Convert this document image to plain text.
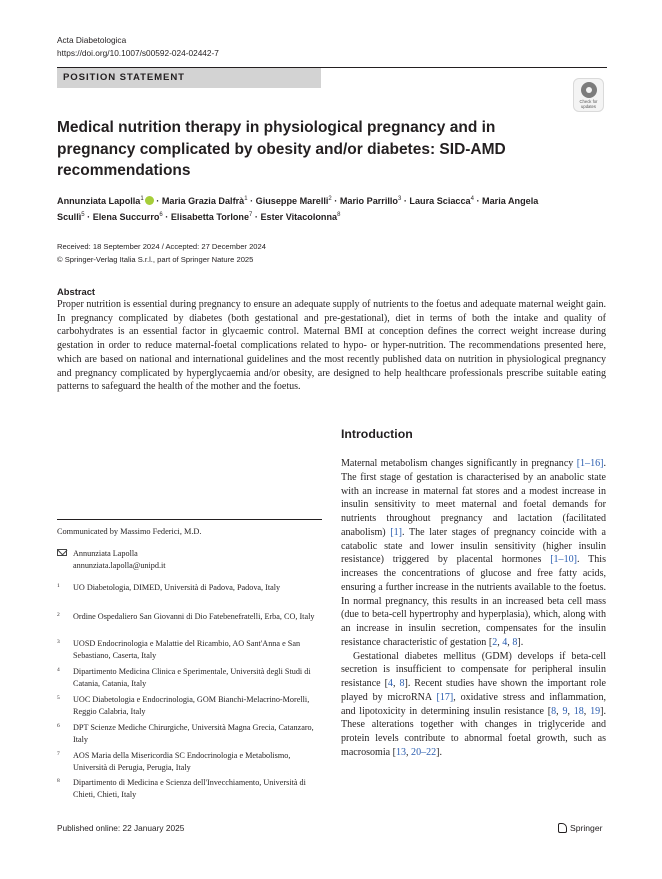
Acta Diabetologica
https://doi.org/10.1007/s00592-024-02442-7
POSITION STATEMENT
Check for updates
Medical nutrition therapy in physiological pregnancy and in pregnancy complicated by obesity and/or diabetes: SID-AMD recommendations
Annunziata Lapolla$^1$ · Maria Grazia Dalfrà$^1$ · Giuseppe Marelli$^2$ · Mario Parrillo$^3$ · Laura Sciacca$^4$ · Maria Angela Scullì$^5$ · Elena Succurro$^6$ · Elisabetta Torlone$^7$ · Ester Vitacolonna$^8$
Received: 18 September 2024 / Accepted: 27 December 2024
© Springer-Verlag Italia S.r.l., part of Springer Nature 2025
Abstract
Proper nutrition is essential during pregnancy to ensure an adequate supply of nutrients to the foetus and adequate maternal weight gain. In pregnancy complicated by diabetes (both gestational and pre-gestational), diet in terms of both the intake and quality of carbohydrates is an essential factor in glycaemic control. Maternal BMI at conception defines the correct weight increase during gestation in order to reduce maternal-foetal complications related to hypo- or hyper-nutrition. The recommendations presented here, which are based on national and international guidelines and the most recently published data on nutrition in physiological pregnancy and pregnancy complicated by hyperglycaemia and/or obesity, are designed to help healthcare professionals prescribe suitable eating patterns to safeguard the health of the mother and the foetus.
Introduction

Maternal metabolism changes significantly in pregnancy [1–16]. The first stage of gestation is characterised by an anabolic state with an increase in maternal fat stores and a modest increase in insulin sensitivity to meet maternal and foetal demands for nutrients throughout pregnancy and lactation (facilitated anabolism) [1]. The later stages of pregnancy coincide with a catabolic state and lower insulin sensitivity (higher insulin resistance) triggered by placental hormones [1–10]. This increases the concentrations of glucose and free fatty acids, ensuring a further increase in the nutrients available to the foetus. In normal pregnancy, this results in an increased beta cell mass (due to beta-cell hypertrophy and hyperplasia), which, along with an increase in insulin secretion, compensates for the insulin resistance characteristic of gestation [2, 4, 8].

Gestational diabetes mellitus (GDM) develops if beta-cell secretion is insufficient to compensate for peripheral insulin resistance [4, 8]. Recent studies have shown the important role played by microRNA [17], oxidative stress and inflammation, and lipotoxicity in determining insulin resistance [8, 9, 18, 19]. These alterations together with changes in triglyceride and protein levels contribute to abnormal foetal growth, such as macrosomia [13, 20–22].

Communicated by Massimo Federici, M.D.
Annunziata Lapolla
annunziata.lapolla@unipd.it
1 UO Diabetologia, DIMED, Università di Padova, Padova, Italy
2 Ordine Ospedaliero San Giovanni di Dio Fatebenefratelli, Erba, CO, Italy
3 UOSD Endocrinologia e Malattie del Ricambio, AO Sant'Anna e San Sebastiano, Caserta, Italy
4 Dipartimento Medicina Clinica e Sperimentale, Università degli Studi di Catania, Catania, Italy
5 UOC Diabetologia e Endocrinologia, GOM Bianchi-Melacrino-Morelli, Reggio Calabria, Italy
6 DPT Scienze Mediche Chirurgiche, Università Magna Grecia, Catanzaro, Italy
7 AOS Maria della Misericordia SC Endocrinologia e Metabolismo, Università di Perugia, Perugia, Italy
8 Dipartimento di Medicina e Scienza dell'Invecchiamento, Università di Chieti, Chieti, Italy
Published online: 22 January 2025	Springer
